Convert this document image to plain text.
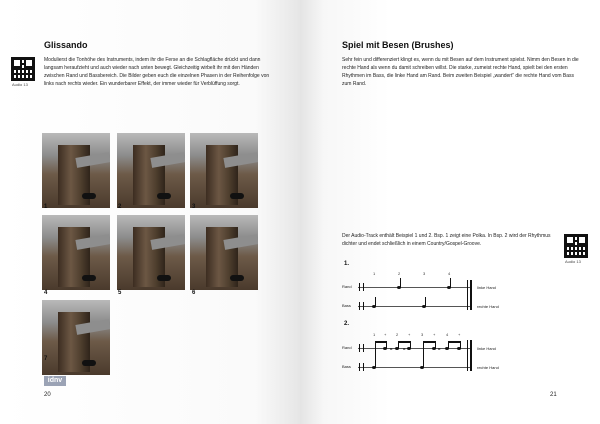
Audio 13
Glissando
Modulierst die Tonhöhe des Instruments, indem ihr die Ferse an die Schlagfläche drückt und dann langsam heraufzieht und auch wieder nach unten bewegt. Gleichzeitig wirbelt ihr mit den Händen zwischen Rand und Bassbereich. Die Bilder geben euch die einzelnen Phasen in der Reihenfolge von links nach rechts wieder. Ein wunderbarer Effekt, der immer wieder für Verblüffung sorgt.
1	2	3
4	5	6
7
idnv
20
Spiel mit Besen (Brushes)
Sehr fein und differenziert klingt es, wenn du mit Besen auf dem Instrument spielst. Nimm den Besen in die rechte Hand als wenn du damit schreiben willst. Die starke, zumeist rechte Hand, spielt bei den ersten Rhythmen im Bass, die linke Hand am Rand. Beim zweiten Beispiel „wandert“ die rechte Hand vom Bass zum Rand.
Der Audio-Track enthält Beispiel 1 und 2. Bsp. 1 zeigt eine Polka. In Bsp. 2 wird der Rhythmus dichter und endet schließlich in einem Country/Gospel-Groove.
Audio 13
1.
1	2	3	4
Rand
Bass
linke Hand
rechte Hand
2.
1 + 2 +	3 +	4 +
Rand
Bass
o	o	o	linke Hand
rechte Hand
21
